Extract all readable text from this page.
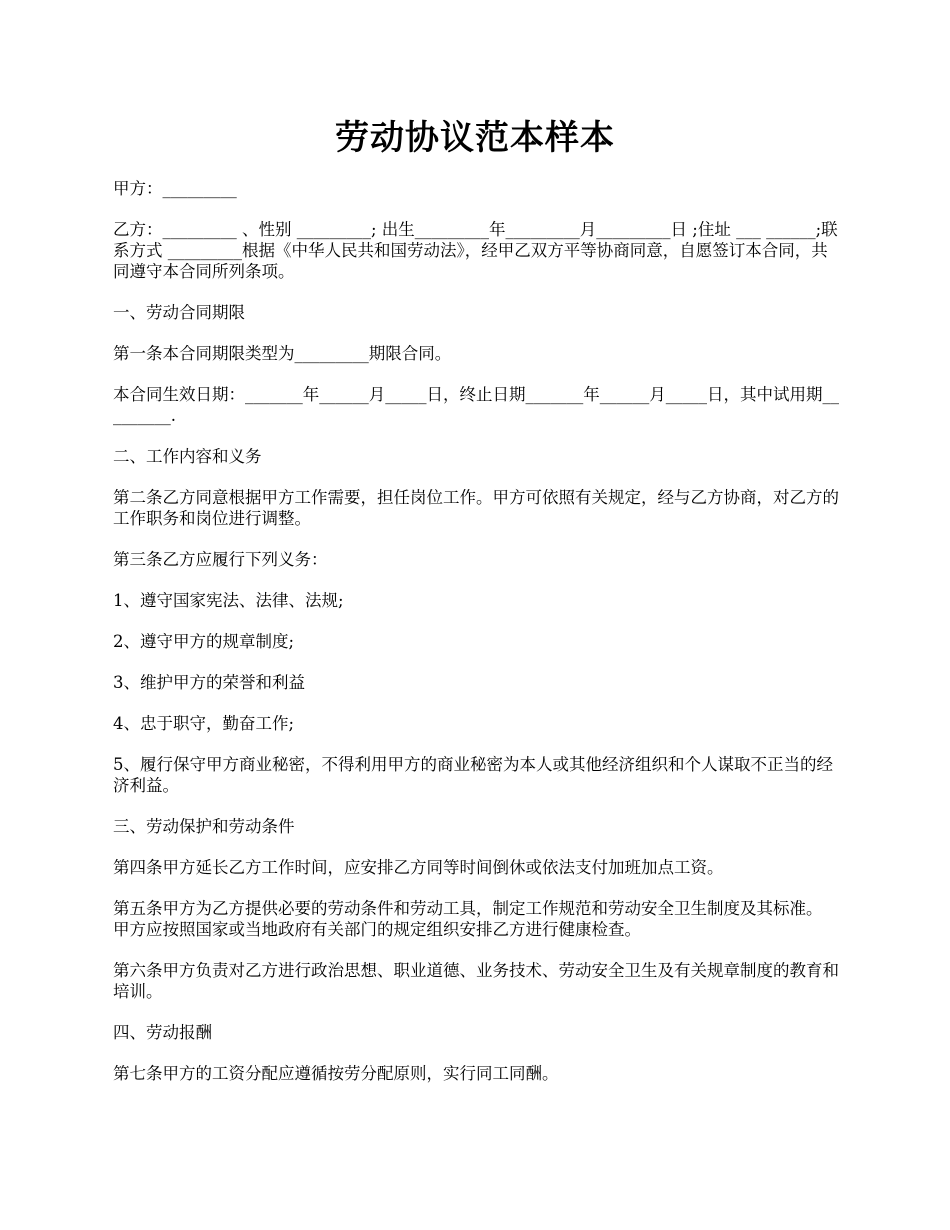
劳动协议范本样本

甲方：_________

乙方：_________ 、性别 _________; 出生_________年_________月_________日 ;住址 ___ ______;联系方式 _________根据《中华人民共和国劳动法》，经甲乙双方平等协商同意，自愿签订本合同，共同遵守本合同所列条项。

一、劳动合同期限

第一条本合同期限类型为_________期限合同。

本合同生效日期：_______年______月_____日，终止日期_______年______月_____日，其中试用期_________.

二、工作内容和义务

第二条乙方同意根据甲方工作需要，担任岗位工作。甲方可依照有关规定，经与乙方协商，对乙方的工作职务和岗位进行调整。

第三条乙方应履行下列义务：

1、遵守国家宪法、法律、法规;

2、遵守甲方的规章制度;

3、维护甲方的荣誉和利益

4、忠于职守，勤奋工作;

5、履行保守甲方商业秘密，不得利用甲方的商业秘密为本人或其他经济组织和个人谋取不正当的经济利益。

三、劳动保护和劳动条件

第四条甲方延长乙方工作时间，应安排乙方同等时间倒休或依法支付加班加点工资。

第五条甲方为乙方提供必要的劳动条件和劳动工具，制定工作规范和劳动安全卫生制度及其标准。 甲方应按照国家或当地政府有关部门的规定组织安排乙方进行健康检查。

第六条甲方负责对乙方进行政治思想、职业道德、业务技术、劳动安全卫生及有关规章制度的教育和培训。

四、劳动报酬

第七条甲方的工资分配应遵循按劳分配原则，实行同工同酬。
